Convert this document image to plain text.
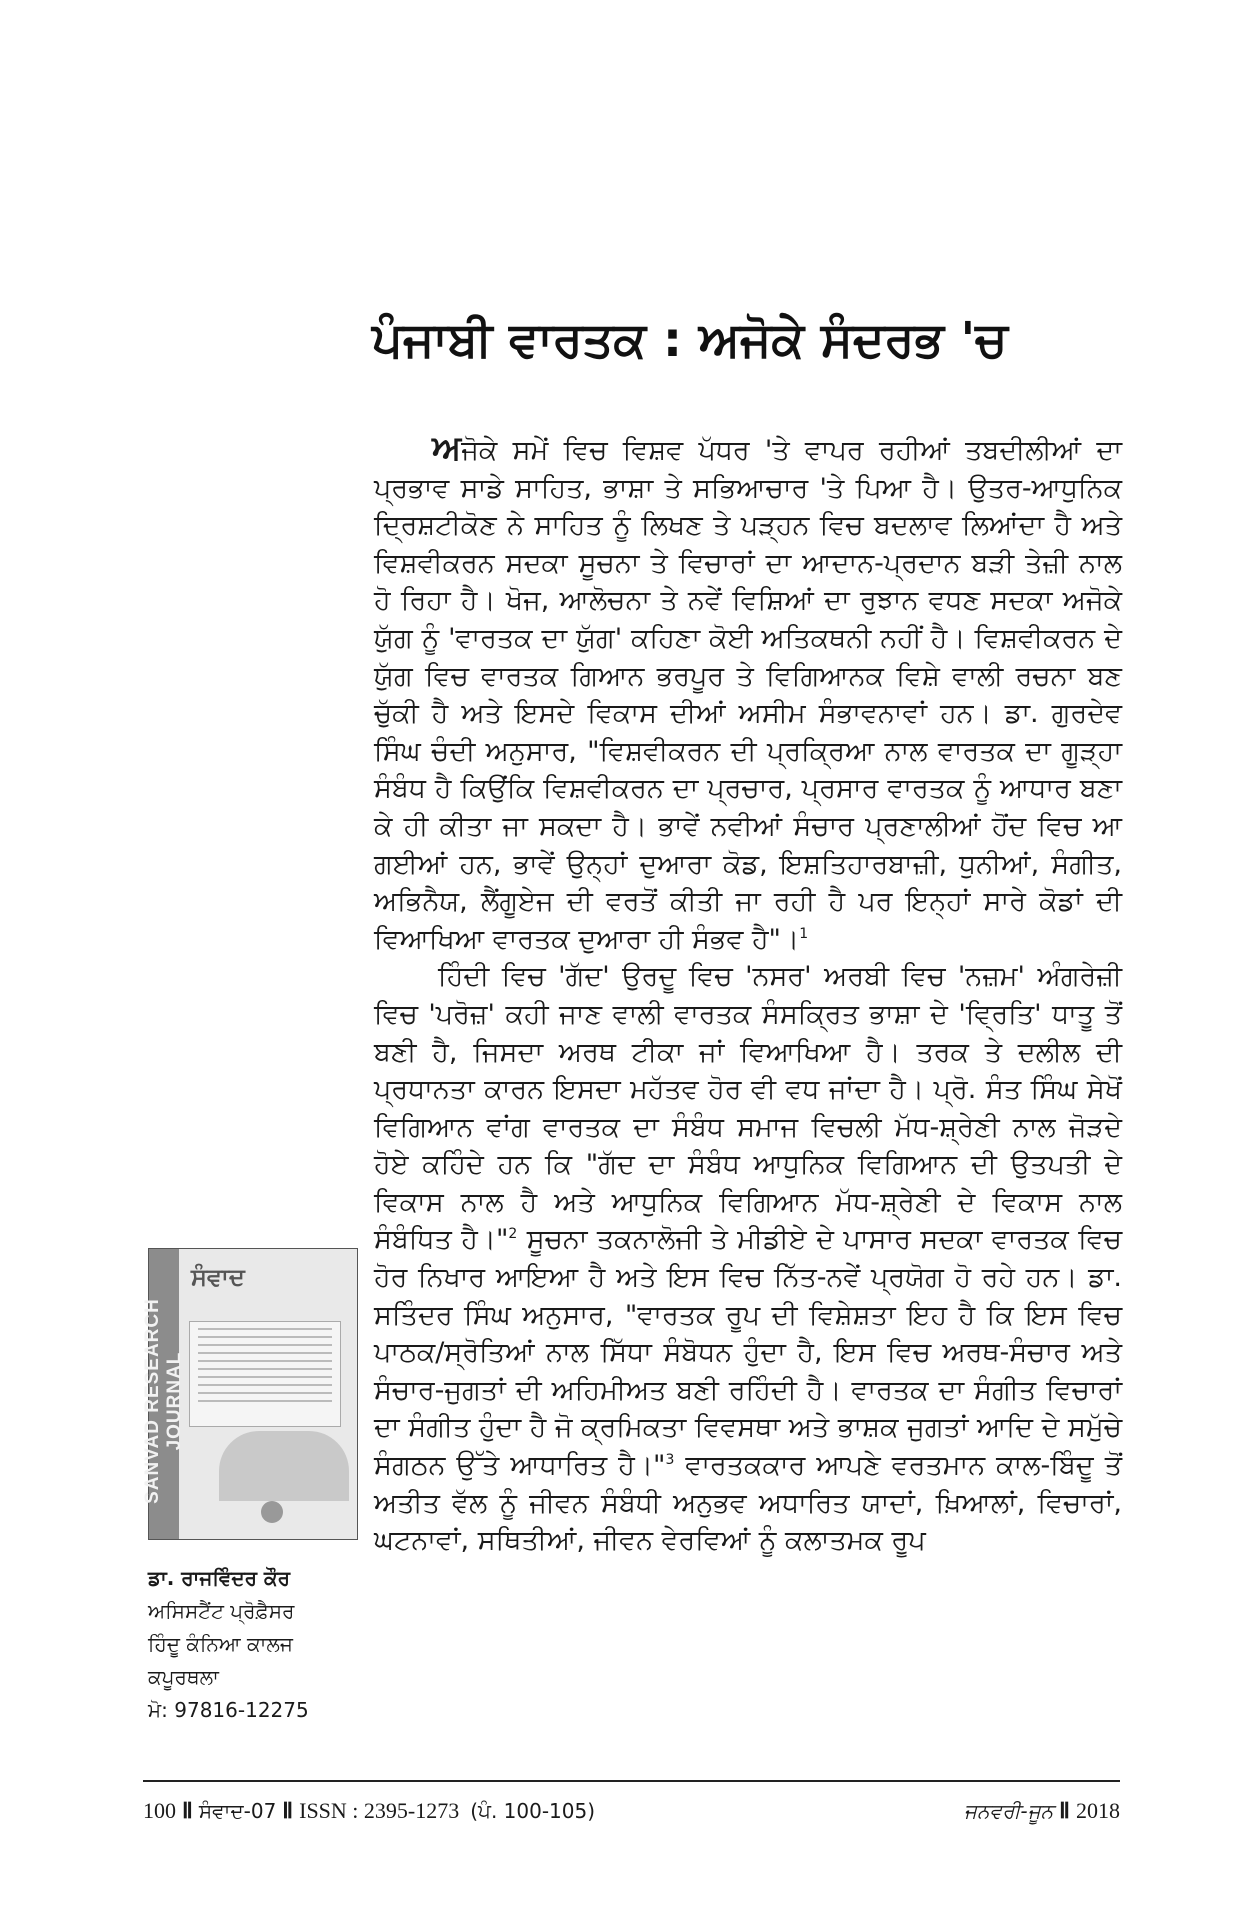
ਪੰਜਾਬੀ ਵਾਰਤਕ : ਅਜੋਕੇ ਸੰਦਰਭ 'ਚ

ਅਜੋਕੇ ਸਮੇਂ ਵਿਚ ਵਿਸ਼ਵ ਪੱਧਰ 'ਤੇ ਵਾਪਰ ਰਹੀਆਂ ਤਬਦੀਲੀਆਂ ਦਾ ਪ੍ਰਭਾਵ ਸਾਡੇ ਸਾਹਿਤ, ਭਾਸ਼ਾ ਤੇ ਸਭਿਆਚਾਰ 'ਤੇ ਪਿਆ ਹੈ। ਉਤਰ-ਆਧੁਨਿਕ ਦ੍ਰਿਸ਼ਟੀਕੋਣ ਨੇ ਸਾਹਿਤ ਨੂੰ ਲਿਖਣ ਤੇ ਪੜ੍ਹਨ ਵਿਚ ਬਦਲਾਵ ਲਿਆਂਦਾ ਹੈ ਅਤੇ ਵਿਸ਼ਵੀਕਰਨ ਸਦਕਾ ਸੂਚਨਾ ਤੇ ਵਿਚਾਰਾਂ ਦਾ ਆਦਾਨ-ਪ੍ਰਦਾਨ ਬੜੀ ਤੇਜ਼ੀ ਨਾਲ ਹੋ ਰਿਹਾ ਹੈ। ਖੋਜ, ਆਲੋਚਨਾ ਤੇ ਨਵੇਂ ਵਿਸ਼ਿਆਂ ਦਾ ਰੁਝਾਨ ਵਧਣ ਸਦਕਾ ਅਜੋਕੇ ਯੁੱਗ ਨੂੰ 'ਵਾਰਤਕ ਦਾ ਯੁੱਗ' ਕਹਿਣਾ ਕੋਈ ਅਤਿਕਥਨੀ ਨਹੀਂ ਹੈ। ਵਿਸ਼ਵੀਕਰਨ ਦੇ ਯੁੱਗ ਵਿਚ ਵਾਰਤਕ ਗਿਆਨ ਭਰਪੂਰ ਤੇ ਵਿਗਿਆਨਕ ਵਿਸ਼ੇ ਵਾਲੀ ਰਚਨਾ ਬਣ ਚੁੱਕੀ ਹੈ ਅਤੇ ਇਸਦੇ ਵਿਕਾਸ ਦੀਆਂ ਅਸੀਮ ਸੰਭਾਵਨਾਵਾਂ ਹਨ। ਡਾ. ਗੁਰਦੇਵ ਸਿੰਘ ਚੰਦੀ ਅਨੁਸਾਰ, "ਵਿਸ਼ਵੀਕਰਨ ਦੀ ਪ੍ਰਕ੍ਰਿਆ ਨਾਲ ਵਾਰਤਕ ਦਾ ਗੂੜ੍ਹਾ ਸੰਬੰਧ ਹੈ ਕਿਉਂਕਿ ਵਿਸ਼ਵੀਕਰਨ ਦਾ ਪ੍ਰਚਾਰ, ਪ੍ਰਸਾਰ ਵਾਰਤਕ ਨੂੰ ਆਧਾਰ ਬਣਾ ਕੇ ਹੀ ਕੀਤਾ ਜਾ ਸਕਦਾ ਹੈ। ਭਾਵੇਂ ਨਵੀਆਂ ਸੰਚਾਰ ਪ੍ਰਣਾਲੀਆਂ ਹੋਂਦ ਵਿਚ ਆ ਗਈਆਂ ਹਨ, ਭਾਵੇਂ ਉਨ੍ਹਾਂ ਦੁਆਰਾ ਕੋਡ, ਇਸ਼ਤਿਹਾਰਬਾਜ਼ੀ, ਧੁਨੀਆਂ, ਸੰਗੀਤ, ਅਭਿਨੈਯ, ਲੈਂਗੂਏਜ ਦੀ ਵਰਤੋਂ ਕੀਤੀ ਜਾ ਰਹੀ ਹੈ ਪਰ ਇਨ੍ਹਾਂ ਸਾਰੇ ਕੋਡਾਂ ਦੀ ਵਿਆਖਿਆ ਵਾਰਤਕ ਦੁਆਰਾ ਹੀ ਸੰਭਵ ਹੈ"।$^1$

ਹਿੰਦੀ ਵਿਚ 'ਗੱਦ' ਉਰਦੂ ਵਿਚ 'ਨਸਰ' ਅਰਬੀ ਵਿਚ 'ਨਜ਼ਮ' ਅੰਗਰੇਜ਼ੀ ਵਿਚ 'ਪਰੋਜ਼' ਕਹੀ ਜਾਣ ਵਾਲੀ ਵਾਰਤਕ ਸੰਸਕ੍ਰਿਤ ਭਾਸ਼ਾ ਦੇ 'ਵ੍ਰਿਤਿ' ਧਾਤੂ ਤੋਂ ਬਣੀ ਹੈ, ਜਿਸਦਾ ਅਰਥ ਟੀਕਾ ਜਾਂ ਵਿਆਖਿਆ ਹੈ। ਤਰਕ ਤੇ ਦਲੀਲ ਦੀ ਪ੍ਰਧਾਨਤਾ ਕਾਰਨ ਇਸਦਾ ਮਹੱਤਵ ਹੋਰ ਵੀ ਵਧ ਜਾਂਦਾ ਹੈ। ਪ੍ਰੋ. ਸੰਤ ਸਿੰਘ ਸੇਖੋਂ ਵਿਗਿਆਨ ਵਾਂਗ ਵਾਰਤਕ ਦਾ ਸੰਬੰਧ ਸਮਾਜ ਵਿਚਲੀ ਮੱਧ-ਸ਼੍ਰੇਣੀ ਨਾਲ ਜੋੜਦੇ ਹੋਏ ਕਹਿੰਦੇ ਹਨ ਕਿ "ਗੱਦ ਦਾ ਸੰਬੰਧ ਆਧੁਨਿਕ ਵਿਗਿਆਨ ਦੀ ਉਤਪਤੀ ਦੇ ਵਿਕਾਸ ਨਾਲ ਹੈ ਅਤੇ ਆਧੁਨਿਕ ਵਿਗਿਆਨ ਮੱਧ-ਸ਼੍ਰੇਣੀ ਦੇ ਵਿਕਾਸ ਨਾਲ ਸੰਬੰਧਿਤ ਹੈ।"$^2$ ਸੂਚਨਾ ਤਕਨਾਲੋਜੀ ਤੇ ਮੀਡੀਏ ਦੇ ਪਾਸਾਰ ਸਦਕਾ ਵਾਰਤਕ ਵਿਚ ਹੋਰ ਨਿਖਾਰ ਆਇਆ ਹੈ ਅਤੇ ਇਸ ਵਿਚ ਨਿੱਤ-ਨਵੇਂ ਪ੍ਰਯੋਗ ਹੋ ਰਹੇ ਹਨ। ਡਾ. ਸਤਿੰਦਰ ਸਿੰਘ ਅਨੁਸਾਰ, "ਵਾਰਤਕ ਰੂਪ ਦੀ ਵਿਸ਼ੇਸ਼ਤਾ ਇਹ ਹੈ ਕਿ ਇਸ ਵਿਚ ਪਾਠਕ/ਸ੍ਰੋਤਿਆਂ ਨਾਲ ਸਿੱਧਾ ਸੰਬੋਧਨ ਹੁੰਦਾ ਹੈ, ਇਸ ਵਿਚ ਅਰਥ-ਸੰਚਾਰ ਅਤੇ ਸੰਚਾਰ-ਜੁਗਤਾਂ ਦੀ ਅਹਿਮੀਅਤ ਬਣੀ ਰਹਿੰਦੀ ਹੈ। ਵਾਰਤਕ ਦਾ ਸੰਗੀਤ ਵਿਚਾਰਾਂ ਦਾ ਸੰਗੀਤ ਹੁੰਦਾ ਹੈ ਜੋ ਕ੍ਰਮਿਕਤਾ ਵਿਵਸਥਾ ਅਤੇ ਭਾਸ਼ਕ ਜੁਗਤਾਂ ਆਦਿ ਦੇ ਸਮੁੱਚੇ ਸੰਗਠਨ ਉੱਤੇ ਆਧਾਰਿਤ ਹੈ।"$^3$ ਵਾਰਤਕਕਾਰ ਆਪਣੇ ਵਰਤਮਾਨ ਕਾਲ-ਬਿੰਦੂ ਤੋਂ ਅਤੀਤ ਵੱਲ ਨੂੰ ਜੀਵਨ ਸੰਬੰਧੀ ਅਨੁਭਵ ਅਧਾਰਿਤ ਯਾਦਾਂ, ਖ਼ਿਆਲਾਂ, ਵਿਚਾਰਾਂ, ਘਟਨਾਵਾਂ, ਸਥਿਤੀਆਂ, ਜੀਵਨ ਵੇਰਵਿਆਂ ਨੂੰ ਕਲਾਤਮਕ ਰੂਪ

SANVAD RESEARCH JOURNAL
ਸੰਵਾਦ
ਡਾ. ਰਾਜਵਿੰਦਰ ਕੌਰ
ਅਸਿਸਟੈਂਟ ਪ੍ਰੋਫ਼ੈਸਰ
ਹਿੰਦੂ ਕੰਨਿਆ ਕਾਲਜ
ਕਪੂਰਥਲਾ
ਮੋ: 97816-12275
100 Ⅱ ਸੰਵਾਦ-07 Ⅱ ISSN : 2395-1273 (ਪੰ. 100-105)	ਜਨਵਰੀ-ਜੂਨ Ⅱ 2018
